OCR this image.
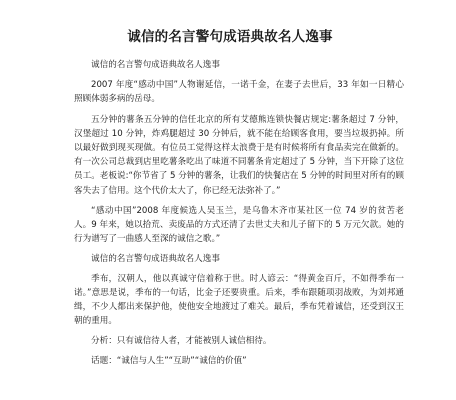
诚信的名言警句成语典故名人逸事
诚信的名言警句成语典故名人逸事
2007 年度“感动中国”人物谢延信，一诺千金，在妻子去世后，33 年如一日精心照顾体弱多病的岳母。
五分钟的薯条五分钟的信任北京的所有艾德熊连锁快餐店规定:薯条超过 7 分钟，汉堡超过 10 分钟，炸鸡腿超过 30 分钟后，就不能在给顾客食用，要当垃圾扔掉。所以最好做到现买现做。有位员工觉得这样太浪费于是有时候将所有食品卖完在做新的。有一次公司总裁到店里吃薯条吃出了味道不同薯条肯定超过了 5 分钟，当下开除了这位员工。老板说:“你节省了 5 分钟的薯条，让我们的快餐店在 5 分钟的时间里对所有的顾客失去了信用。这个代价太大了，你已经无法弥补了。”
“感动中国”2008 年度候选人吴玉兰，是乌鲁木齐市某社区一位 74 岁的贫苦老人。9 年来，她以拾荒、卖废品的方式还清了去世丈夫和儿子留下的 5 万元欠款。她的行为谱写了一曲感人至深的诚信之歌。”
诚信的名言警句成语典故名人逸事
季布，汉朝人，他以真诚守信着称于世。时人谚云：“得黄金百斤，不如得季布一诺。”意思是说，季布的一句话，比金子还要贵重。后来，季布跟随项羽战败，为刘邦通缉，不少人都出来保护他，使他安全地渡过了难关。最后，季布凭着诚信，还受到汉王朝的重用。
分析：只有诚信待人者，才能被别人诚信相待。
话题：“诚信与人生”“互助”“诚信的价值”
